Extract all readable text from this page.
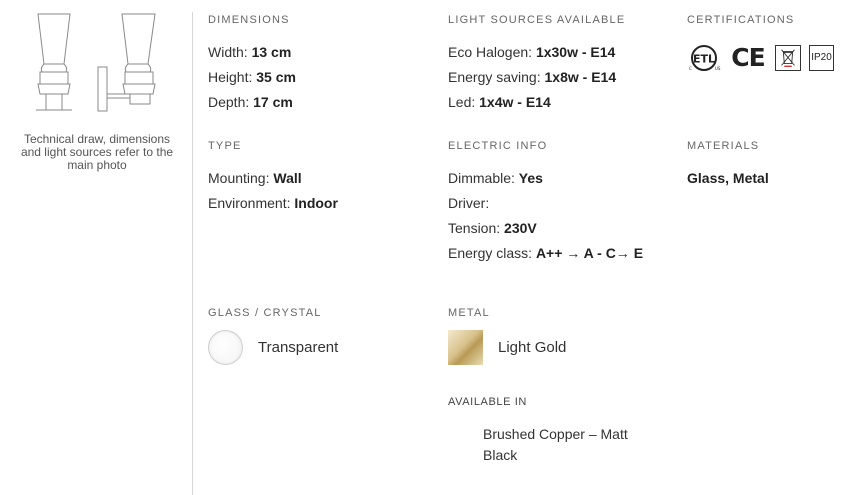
Technical draw, dimensions and light sources refer to the main photo
DIMENSIONS
Width: 13 cm
Height: 35 cm
Depth: 17 cm
LIGHT SOURCES AVAILABLE
Eco Halogen: 1x30w - E14
Energy saving: 1x8w - E14
Led: 1x4w - E14
CERTIFICATIONS
ETL
C	US CE	IP20
TYPE
Mounting: Wall
Environment: Indoor
ELECTRIC INFO
Dimmable: Yes
Driver:
Tension: 230V
Energy class: A++ → A - C→ E
MATERIALS
Glass, Metal
GLASS / CRYSTAL
Transparent
METAL
Light Gold
AVAILABLE IN
Brushed Copper – Matt Black
